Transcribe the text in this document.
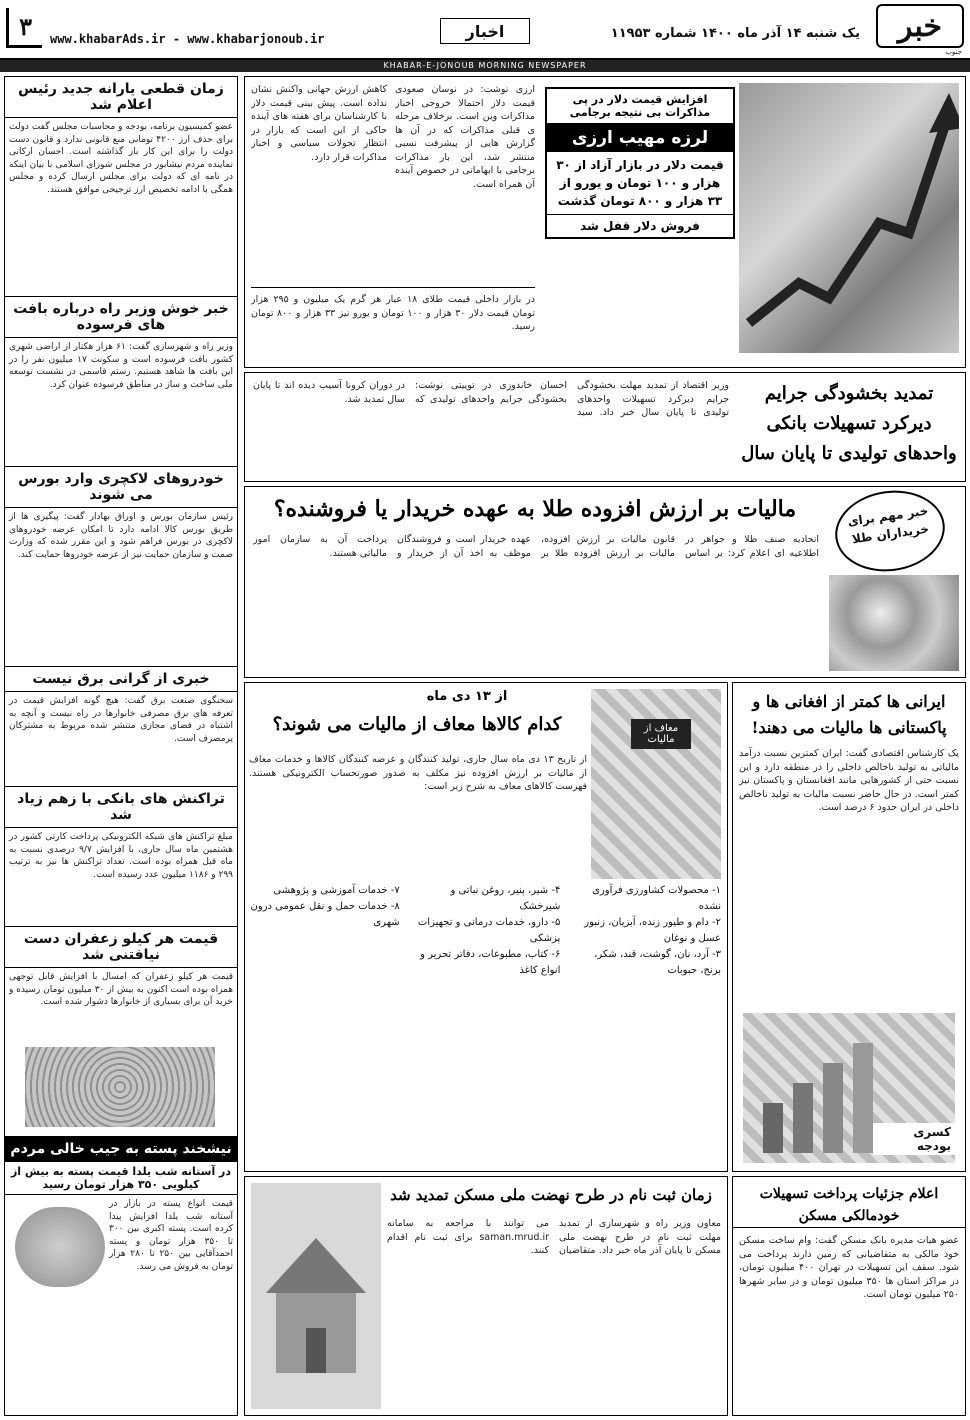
خبر
جنوب
یک شنبه ۱۴ آذر ماه ۱۴۰۰ شماره ۱۱۹۵۳
اخبار
www.khabarAds.ir - www.khabarjonoub.ir
۳
KHABAR-E-JONOUB MORNING NEWSPAPER
زمان قطعی یارانه جدید رئیس اعلام شد
عضو کمیسیون برنامه، بودجه و محاسبات مجلس گفت دولت برای حذف ارز ۴۲۰۰ تومانی منع قانونی ندارد و قانون دست دولت را برای این کار باز گذاشته است. احسان ارکانی نماینده مردم نیشابور در مجلس شورای اسلامی با بیان اینکه در نامه ای که دولت برای مجلس ارسال کرده و مجلس همگی با ادامه تخصیص ارز ترجیحی موافق هستند.
خبر خوش وزیر راه درباره بافت های فرسوده
وزیر راه و شهرسازی گفت: ۶۱ هزار هکتار از اراضی شهری کشور بافت فرسوده است و سکونت ۱۷ میلیون نفر را در این بافت ها شاهد هستیم. رستم قاسمی در نشست توسعه ملی ساخت و ساز در مناطق فرسوده عنوان کرد.
خودروهای لاکچری وارد بورس می شوند
رئیس سازمان بورس و اوراق بهادار گفت: پیگیری ها از طریق بورس کالا ادامه دارد تا امکان عرضه خودروهای لاکچری در بورس فراهم شود و این مقرر شده که وزارت صمت و سازمان حمایت نیز از عرضه خودروها حمایت کند.
خبری از گرانی برق نیست
سخنگوی صنعت برق گفت: هیچ گونه افزایش قیمت در تعرفه های برق مصرفی خانوارها در راه نیست و آنچه به اشتباه در فضای مجازی منتشر شده مربوط به مشترکان پرمصرف است.
تراکنش های بانکی با زهم زیاد شد
مبلغ تراکنش های شبکه الکترونیکی پرداخت کارتی کشور در هشتمین ماه سال جاری، با افزایش ۹/۷ درصدی نسبت به ماه قبل همراه بوده است. تعداد تراکنش ها نیز به ترتیب ۲۹۹ و ۱۱۸۶ میلیون عدد رسیده است.
قیمت هر کیلو زعفران دست نیافتنی شد
قیمت هر کیلو زعفران که امسال با افزایش قابل توجهی همراه بوده است اکنون به بیش از ۳۰ میلیون تومان رسیده و خرید آن برای بسیاری از خانوارها دشوار شده است.
نیشخند پسته به جیب خالی مردم
در آستانه شب یلدا قیمت پسته به بیش از کیلویی ۳۵۰ هزار تومان رسید
قیمت انواع پسته در بازار در آستانه شب یلدا افزایش پیدا کرده است. پسته اکبری بین ۳۰۰ تا ۳۵۰ هزار تومان و پسته احمدآقایی بین ۲۵۰ تا ۲۸۰ هزار تومان به فروش می رسد.
افزایش قیمت دلار در پی مذاکرات بی نتیجه برجامی
لرزه مهیب ارزی
قیمت دلار در بازار آزاد از ۳۰ هزار و ۱۰۰ تومان و یورو از ۳۳ هزار و ۸۰۰ تومان گذشت
فروش دلار قفل شد
ارزی نوشت: در نوسان صعودی قیمت دلار احتمالا خروجی اخبار مذاکرات وین است. برخلاف مرحله ی قبلی مذاکرات که در آن ها گزارش هایی از پیشرفت نسبی منتشر شد، این بار مذاکرات برجامی با ابهاماتی در خصوص آینده آن همراه است.
کاهش ارزش جهانی واکنش نشان نداده است. پیش بینی قیمت دلار با کارشناسان برای هفته های آینده حاکی از این است که بازار در انتظار تحولات سیاسی و اخبار مذاکرات قرار دارد.
در بازار داخلی قیمت طلای ۱۸ عیار هر گرم یک میلیون و ۲۹۵ هزار تومان قیمت دلار ۳۰ هزار و ۱۰۰ تومان و یورو نیز ۳۳ هزار و ۸۰۰ تومان رسید.
تمدید بخشودگی جرایم
دیرکرد تسهیلات بانکی
واحدهای تولیدی تا پایان سال
وزیر اقتصاد از تمدید مهلت بخشودگی جرایم دیرکرد تسهیلات واحدهای تولیدی تا پایان سال خبر داد. سید احسان خاندوزی در توییتی نوشت: بخشودگی جرایم واحدهای تولیدی که در دوران کرونا آسیب دیده اند تا پایان سال تمدید شد.
مالیات بر ارزش افزوده طلا به عهده خریدار یا فروشنده؟	خبر مهم برای خریداران طلا
اتحادیه صنف طلا و جواهر در اطلاعیه ای اعلام کرد: بر اساس قانون مالیات بر ارزش افزوده، مالیات بر ارزش افزوده طلا بر عهده خریدار است و فروشندگان موظف به اخذ آن از خریدار و پرداخت آن به سازمان امور مالیاتی هستند.
ایرانی ها کمتر از افغانی ها و
پاکستانی ها مالیات می دهند!
یک کارشناس اقتصادی گفت: ایران کمترین نسبت درآمد مالیاتی به تولید ناخالص داخلی را در منطقه دارد و این نسبت حتی از کشورهایی مانند افغانستان و پاکستان نیز کمتر است. در حال حاضر نسبت مالیات به تولید ناخالص داخلی در ایران حدود ۶ درصد است.
کسری بودجه
از ۱۳ دی ماه
کدام کالاها معاف از مالیات می شوند؟	معاف از مالیات
از تاریخ ۱۳ دی ماه سال جاری، تولید کنندگان و عرضه کنندگان کالاها و خدمات معاف از مالیات بر ارزش افزوده نیز مکلف به صدور صورتحساب الکترونیکی هستند. فهرست کالاهای معاف به شرح زیر است:
۱- محصولات کشاورزی فرآوری نشده
۲- دام و طیور زنده، آبزیان، زنبور عسل و نوغان
۳- آرد، نان، گوشت، قند، شکر، برنج، حبوبات
۴- شیر، پنیر، روغن نباتی و شیرخشک
۵- دارو، خدمات درمانی و تجهیزات پزشکی
۶- کتاب، مطبوعات، دفاتر تحریر و انواع کاغذ
۷- خدمات آموزشی و پژوهشی
۸- خدمات حمل و نقل عمومی درون شهری
زمان ثبت نام در طرح نهضت ملی مسکن تمدید شد
معاون وزیر راه و شهرسازی از تمدید مهلت ثبت نام در طرح نهضت ملی مسکن تا پایان آذر ماه خبر داد. متقاضیان می توانند با مراجعه به سامانه saman.mrud.ir برای ثبت نام اقدام کنند.
اعلام جزئیات پرداخت تسهیلات
خودمالکی مسکن
عضو هیات مدیره بانک مسکن گفت: وام ساخت مسکن خود مالکی به متقاضیانی که زمین دارند پرداخت می شود. سقف این تسهیلات در تهران ۴۰۰ میلیون تومان، در مراکز استان ها ۳۵۰ میلیون تومان و در سایر شهرها ۲۵۰ میلیون تومان است.
